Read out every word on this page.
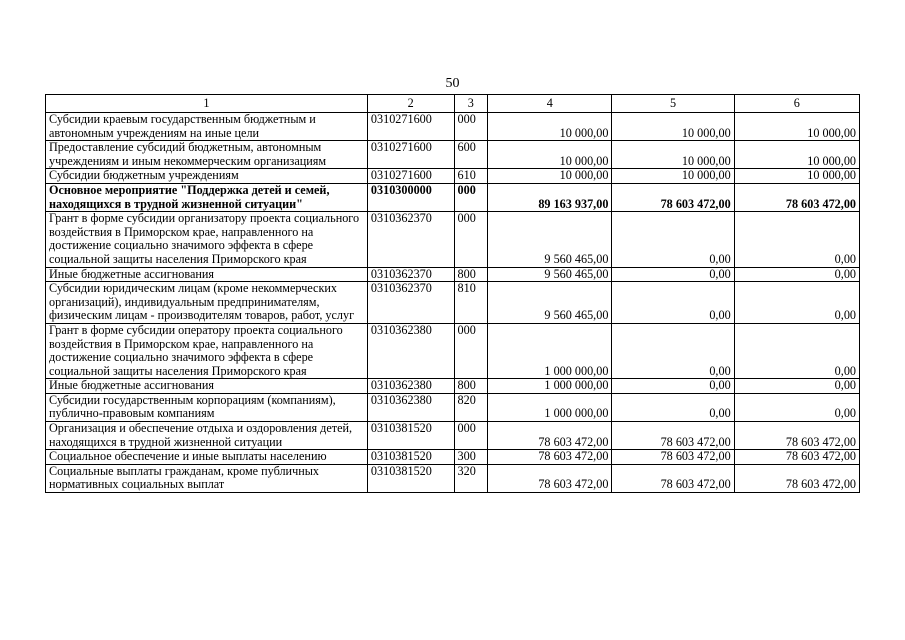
50
1	2	3	4	5	6
Субсидии краевым государственным бюджетным и автономным учреждениям на иные цели	0310271600	000	10 000,00	10 000,00	10 000,00
Предоставление субсидий бюджетным, автономным учреждениям и иным некоммерческим организациям	0310271600	600	10 000,00	10 000,00	10 000,00
Субсидии бюджетным учреждениям	0310271600	610	10 000,00	10 000,00	10 000,00
Основное мероприятие "Поддержка детей и семей, находящихся в трудной жизненной ситуации"	0310300000	000	89 163 937,00	78 603 472,00	78 603 472,00
Грант в форме субсидии организатору проекта социального воздействия в Приморском крае, направленного на достижение социально значимого эффекта в сфере социальной защиты населения Приморского края	0310362370	000	9 560 465,00	0,00	0,00
Иные бюджетные ассигнования	0310362370	800	9 560 465,00	0,00	0,00
Субсидии юридическим лицам (кроме некоммерческих организаций), индивидуальным предпринимателям, физическим лицам - производителям товаров, работ, услуг	0310362370	810	9 560 465,00	0,00	0,00
Грант в форме субсидии оператору проекта социального воздействия в Приморском крае, направленного на достижение социально значимого эффекта в сфере социальной защиты населения Приморского края	0310362380	000	1 000 000,00	0,00	0,00
Иные бюджетные ассигнования	0310362380	800	1 000 000,00	0,00	0,00
Субсидии государственным корпорациям (компаниям), публично-правовым компаниям	0310362380	820	1 000 000,00	0,00	0,00
Организация и обеспечение отдыха и оздоровления детей, находящихся в трудной жизненной ситуации	0310381520	000	78 603 472,00	78 603 472,00	78 603 472,00
Социальное обеспечение и иные выплаты населению	0310381520	300	78 603 472,00	78 603 472,00	78 603 472,00
Социальные выплаты гражданам, кроме публичных нормативных социальных выплат	0310381520	320	78 603 472,00	78 603 472,00	78 603 472,00
